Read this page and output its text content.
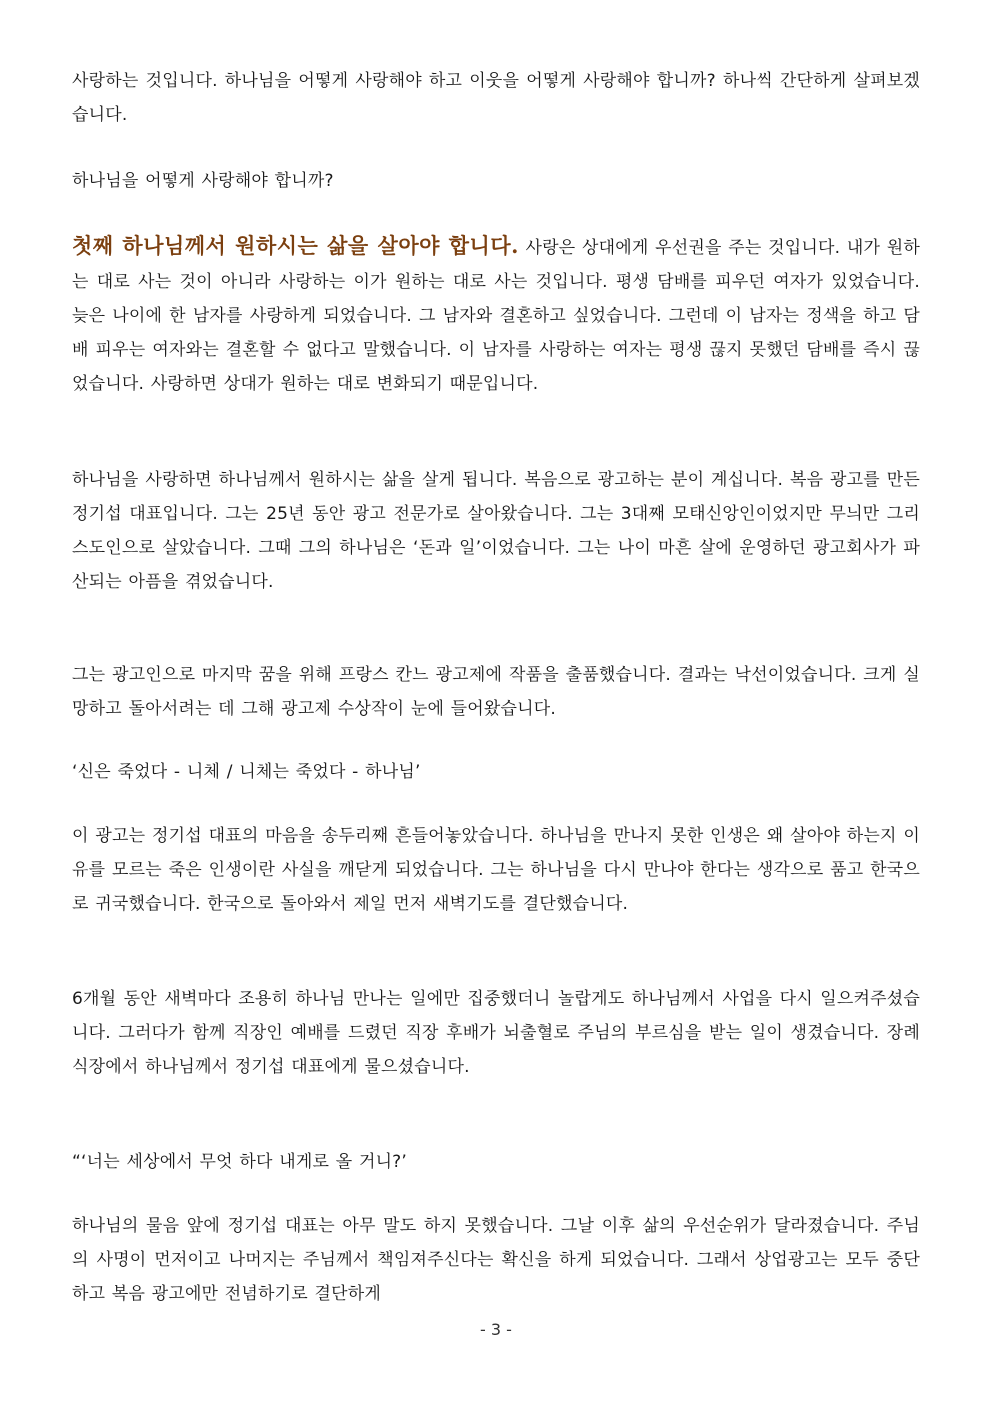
사랑하는 것입니다. 하나님을 어떻게 사랑해야 하고 이웃을 어떻게 사랑해야 합니까? 하나씩 간단하게 살펴보겠습니다.

하나님을 어떻게 사랑해야 합니까?

첫째 하나님께서 원하시는 삶을 살아야 합니다. 사랑은 상대에게 우선권을 주는 것입니다. 내가 원하는 대로 사는 것이 아니라 사랑하는 이가 원하는 대로 사는 것입니다. 평생 담배를 피우던 여자가 있었습니다. 늦은 나이에 한 남자를 사랑하게 되었습니다. 그 남자와 결혼하고 싶었습니다. 그런데 이 남자는 정색을 하고 담배 피우는 여자와는 결혼할 수 없다고 말했습니다. 이 남자를 사랑하는 여자는 평생 끊지 못했던 담배를 즉시 끊었습니다. 사랑하면 상대가 원하는 대로 변화되기 때문입니다.

하나님을 사랑하면 하나님께서 원하시는 삶을 살게 됩니다. 복음으로 광고하는 분이 계십니다. 복음 광고를 만든 정기섭 대표입니다. 그는 25년 동안 광고 전문가로 살아왔습니다. 그는 3대째 모태신앙인이었지만 무늬만 그리스도인으로 살았습니다. 그때 그의 하나님은 ‘돈과 일’이었습니다. 그는 나이 마흔 살에 운영하던 광고회사가 파산되는 아픔을 겪었습니다.

그는 광고인으로 마지막 꿈을 위해 프랑스 칸느 광고제에 작품을 출품했습니다. 결과는 낙선이었습니다. 크게 실망하고 돌아서려는 데 그해 광고제 수상작이 눈에 들어왔습니다.

‘신은 죽었다 - 니체 / 니체는 죽었다 - 하나님’

이 광고는 정기섭 대표의 마음을 송두리째 흔들어놓았습니다. 하나님을 만나지 못한 인생은 왜 살아야 하는지 이유를 모르는 죽은 인생이란 사실을 깨닫게 되었습니다. 그는 하나님을 다시 만나야 한다는 생각으로 품고 한국으로 귀국했습니다. 한국으로 돌아와서 제일 먼저 새벽기도를 결단했습니다.

6개월 동안 새벽마다 조용히 하나님 만나는 일에만 집중했더니 놀랍게도 하나님께서 사업을 다시 일으켜주셨습니다. 그러다가 함께 직장인 예배를 드렸던 직장 후배가 뇌출혈로 주님의 부르심을 받는 일이 생겼습니다. 장례식장에서 하나님께서 정기섭 대표에게 물으셨습니다.

“‘너는 세상에서 무엇 하다 내게로 올 거니?’

하나님의 물음 앞에 정기섭 대표는 아무 말도 하지 못했습니다. 그날 이후 삶의 우선순위가 달라졌습니다. 주님의 사명이 먼저이고 나머지는 주님께서 책임져주신다는 확신을 하게 되었습니다. 그래서 상업광고는 모두 중단하고 복음 광고에만 전념하기로 결단하게

- 3 -
